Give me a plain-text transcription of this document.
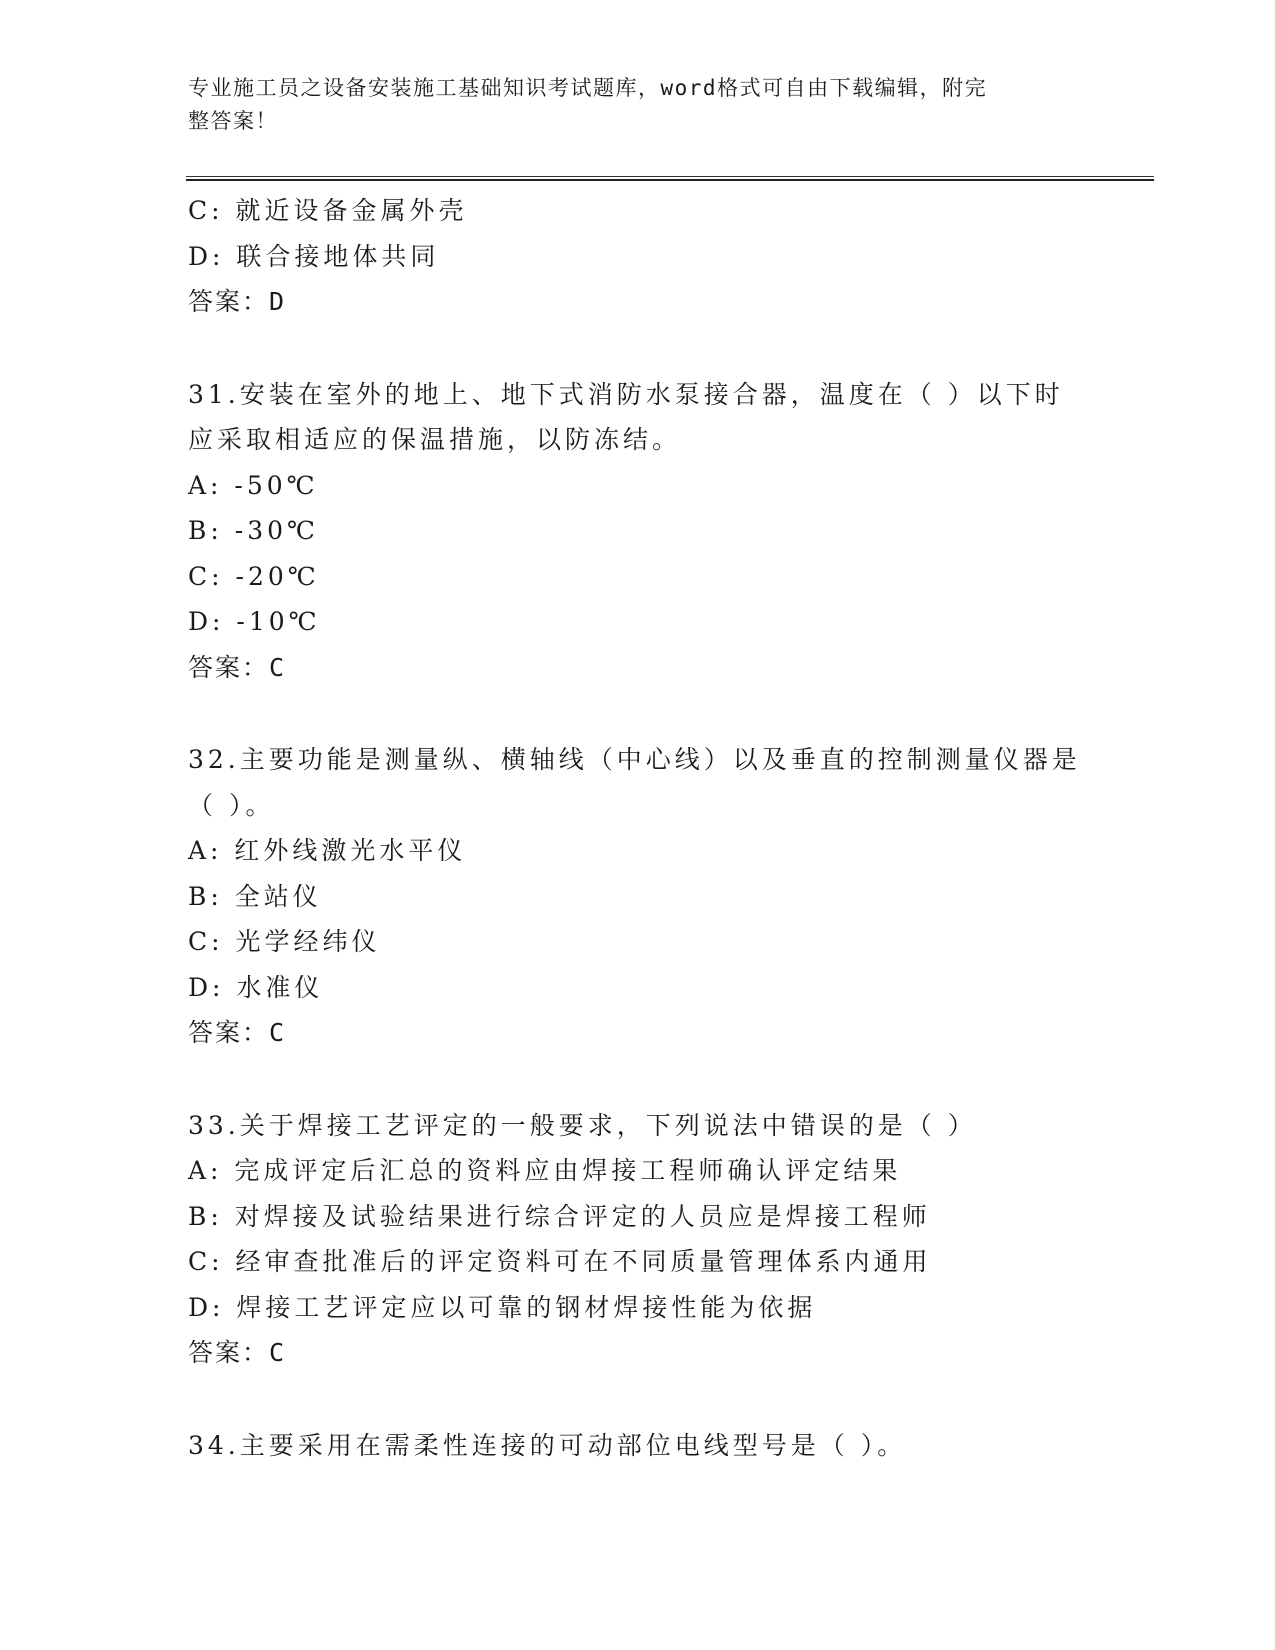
专业施工员之设备安装施工基础知识考试题库，word格式可自由下载编辑，附完
整答案！
C: 就近设备金属外壳
D: 联合接地体共同
答案：D
31.安装在室外的地上、地下式消防水泵接合器，温度在（ ）以下时
应采取相适应的保温措施，以防冻结。
A: -50℃
B: -30℃
C: -20℃
D: -10℃
答案：C
32.主要功能是测量纵、横轴线（中心线）以及垂直的控制测量仪器是
（ ）。
A: 红外线激光水平仪
B: 全站仪
C: 光学经纬仪
D: 水准仪
答案：C
33.关于焊接工艺评定的一般要求，下列说法中错误的是（ ）
A: 完成评定后汇总的资料应由焊接工程师确认评定结果
B: 对焊接及试验结果进行综合评定的人员应是焊接工程师
C: 经审查批准后的评定资料可在不同质量管理体系内通用
D: 焊接工艺评定应以可靠的钢材焊接性能为依据
答案：C
34.主要采用在需柔性连接的可动部位电线型号是（ ）。
